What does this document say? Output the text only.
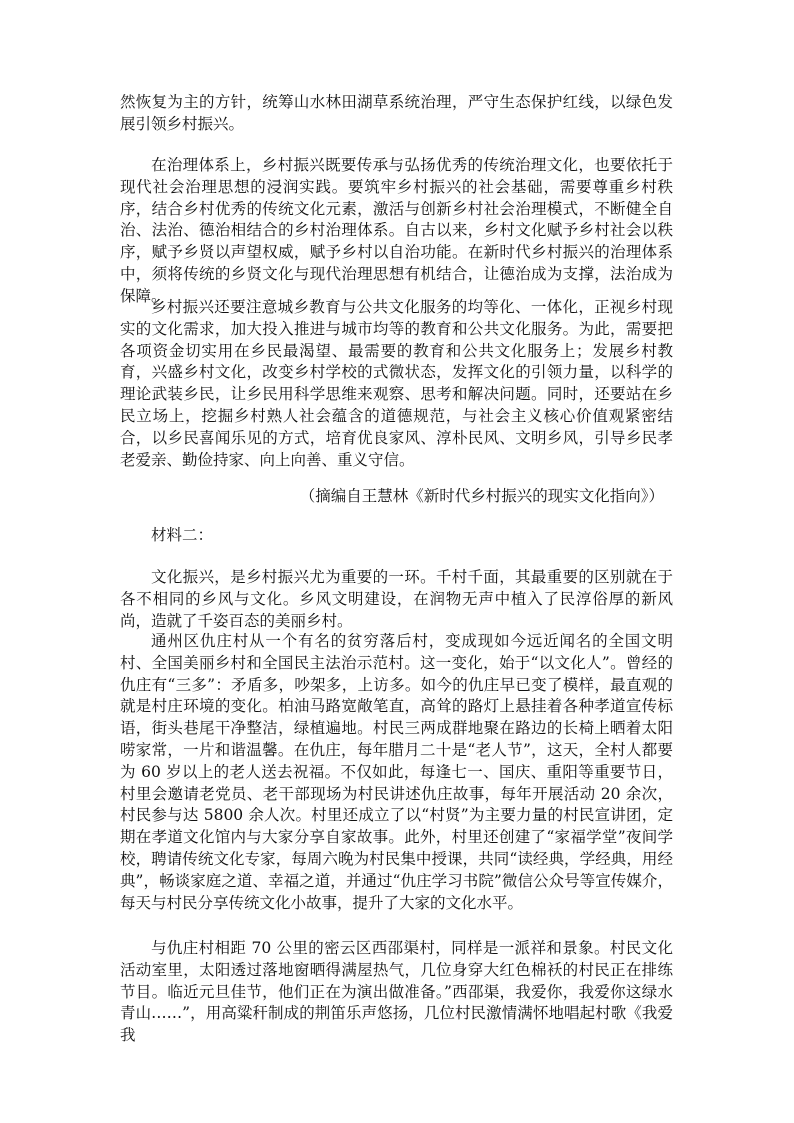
然恢复为主的方针，统筹山水林田湖草系统治理，严守生态保护红线，以绿色发展引领乡村振兴。

在治理体系上，乡村振兴既要传承与弘扬优秀的传统治理文化，也要依托于现代社会治理思想的浸润实践。要筑牢乡村振兴的社会基础，需要尊重乡村秩序，结合乡村优秀的传统文化元素，激活与创新乡村社会治理模式，不断健全自治、法治、德治相结合的乡村治理体系。自古以来，乡村文化赋予乡村社会以秩序，赋予乡贤以声望权威，赋予乡村以自治功能。在新时代乡村振兴的治理体系中，须将传统的乡贤文化与现代治理思想有机结合，让德治成为支撑，法治成为保障。

乡村振兴还要注意城乡教育与公共文化服务的均等化、一体化，正视乡村现实的文化需求，加大投入推进与城市均等的教育和公共文化服务。为此，需要把各项资金切实用在乡民最渴望、最需要的教育和公共文化服务上；发展乡村教育，兴盛乡村文化，改变乡村学校的式微状态，发挥文化的引领力量，以科学的理论武装乡民，让乡民用科学思维来观察、思考和解决问题。同时，还要站在乡民立场上，挖掘乡村熟人社会蕴含的道德规范，与社会主义核心价值观紧密结合，以乡民喜闻乐见的方式，培育优良家风、淳朴民风、文明乡风，引导乡民孝老爱亲、勤俭持家、向上向善、重义守信。

（摘编自王慧林《新时代乡村振兴的现实文化指向》）

材料二：

文化振兴，是乡村振兴尤为重要的一环。千村千面，其最重要的区别就在于各不相同的乡风与文化。乡风文明建设，在润物无声中植入了民淳俗厚的新风尚，造就了千姿百态的美丽乡村。

通州区仇庄村从一个有名的贫穷落后村，变成现如今远近闻名的全国文明村、全国美丽乡村和全国民主法治示范村。这一变化，始于“以文化人”。曾经的仇庄有“三多”：矛盾多，吵架多，上访多。如今的仇庄早已变了模样，最直观的就是村庄环境的变化。柏油马路宽敞笔直，高耸的路灯上悬挂着各种孝道宣传标语，街头巷尾干净整洁，绿植遍地。村民三两成群地聚在路边的长椅上晒着太阳唠家常，一片和谐温馨。在仇庄，每年腊月二十是“老人节”，这天，全村人都要为 60 岁以上的老人送去祝福。不仅如此，每逢七一、国庆、重阳等重要节日，村里会邀请老党员、老干部现场为村民讲述仇庄故事，每年开展活动 20 余次，村民参与达 5800 余人次。村里还成立了以“村贤”为主要力量的村民宣讲团，定期在孝道文化馆内与大家分享自家故事。此外，村里还创建了“家福学堂”夜间学校，聘请传统文化专家，每周六晚为村民集中授课，共同“读经典，学经典，用经典”，畅谈家庭之道、幸福之道，并通过“仇庄学习书院”微信公众号等宣传媒介，每天与村民分享传统文化小故事，提升了大家的文化水平。

与仇庄村相距 70 公里的密云区西邵渠村，同样是一派祥和景象。村民文化活动室里，太阳透过落地窗晒得满屋热气，几位身穿大红色棉袄的村民正在排练节目。临近元旦佳节，他们正在为演出做准备。”西邵渠，我爱你，我爱你这绿水青山……”，用高粱秆制成的荆笛乐声悠扬，几位村民激情满怀地唱起村歌《我爱我
